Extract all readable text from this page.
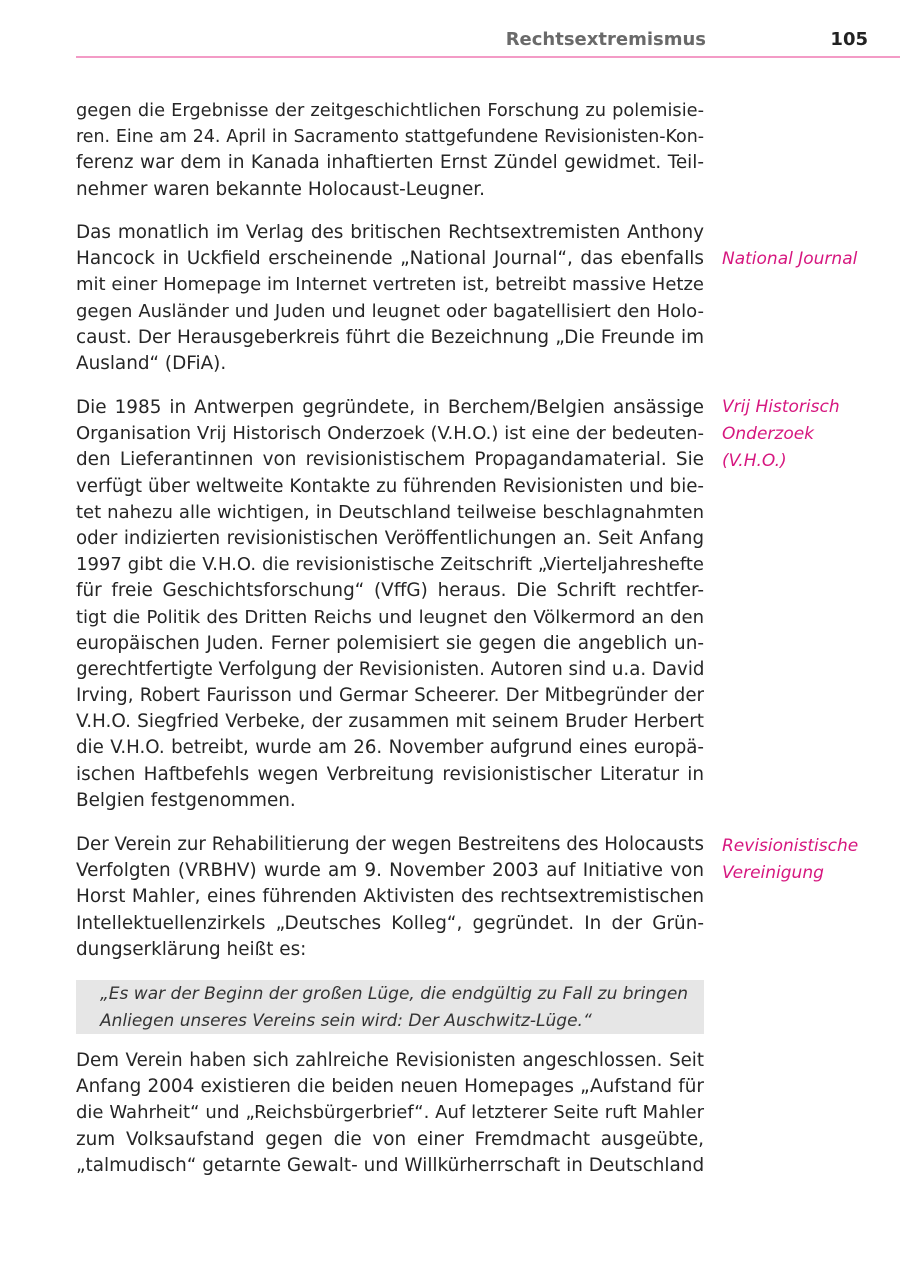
Rechtsextremismus	105
gegen die Ergebnisse der zeitgeschichtlichen Forschung zu polemisie-
ren. Eine am 24. April in Sacramento stattgefundene Revisionisten-Kon-
ferenz war dem in Kanada inhaftierten Ernst Zündel gewidmet. Teil-
nehmer waren bekannte Holocaust-Leugner.
Das monatlich im Verlag des britischen Rechtsextremisten Anthony
Hancock in Uckfield erscheinende „National Journal“, das ebenfalls
mit einer Homepage im Internet vertreten ist, betreibt massive Hetze
gegen Ausländer und Juden und leugnet oder bagatellisiert den Holo-
caust. Der Herausgeberkreis führt die Bezeichnung „Die Freunde im
Ausland“ (DFiA).
Die 1985 in Antwerpen gegründete, in Berchem/Belgien ansässige
Organisation Vrij Historisch Onderzoek (V.H.O.) ist eine der bedeuten-
den Lieferantinnen von revisionistischem Propagandamaterial. Sie
verfügt über weltweite Kontakte zu führenden Revisionisten und bie-
tet nahezu alle wichtigen, in Deutschland teilweise beschlagnahmten
oder indizierten revisionistischen Veröffentlichungen an. Seit Anfang
1997 gibt die V.H.O. die revisionistische Zeitschrift „Vierteljahreshefte
für freie Geschichtsforschung“ (VffG) heraus. Die Schrift rechtfer-
tigt die Politik des Dritten Reichs und leugnet den Völkermord an den
europäischen Juden. Ferner polemisiert sie gegen die angeblich un-
gerechtfertigte Verfolgung der Revisionisten. Autoren sind u.a. David
Irving, Robert Faurisson und Germar Scheerer. Der Mitbegründer der
V.H.O. Siegfried Verbeke, der zusammen mit seinem Bruder Herbert
die V.H.O. betreibt, wurde am 26. November aufgrund eines europä-
ischen Haftbefehls wegen Verbreitung revisionistischer Literatur in
Belgien festgenommen.
Der Verein zur Rehabilitierung der wegen Bestreitens des Holocausts
Verfolgten (VRBHV) wurde am 9. November 2003 auf Initiative von
Horst Mahler, eines führenden Aktivisten des rechtsextremistischen
Intellektuellenzirkels „Deutsches Kolleg“, gegründet. In der Grün-
dungserklärung heißt es:
Dem Verein haben sich zahlreiche Revisionisten angeschlossen. Seit
Anfang 2004 existieren die beiden neuen Homepages „Aufstand für
die Wahrheit“ und „Reichsbürgerbrief“. Auf letzterer Seite ruft Mahler
zum Volksaufstand gegen die von einer Fremdmacht ausgeübte,
„talmudisch“ getarnte Gewalt- und Willkürherrschaft in Deutschland
„Es war der Beginn der großen Lüge, die endgültig zu Fall zu bringen
Anliegen unseres Vereins sein wird: Der Auschwitz-Lüge.“
National Journal
Vrij Historisch
Onderzoek
(V.H.O.)
Revisionistische
Vereinigung
